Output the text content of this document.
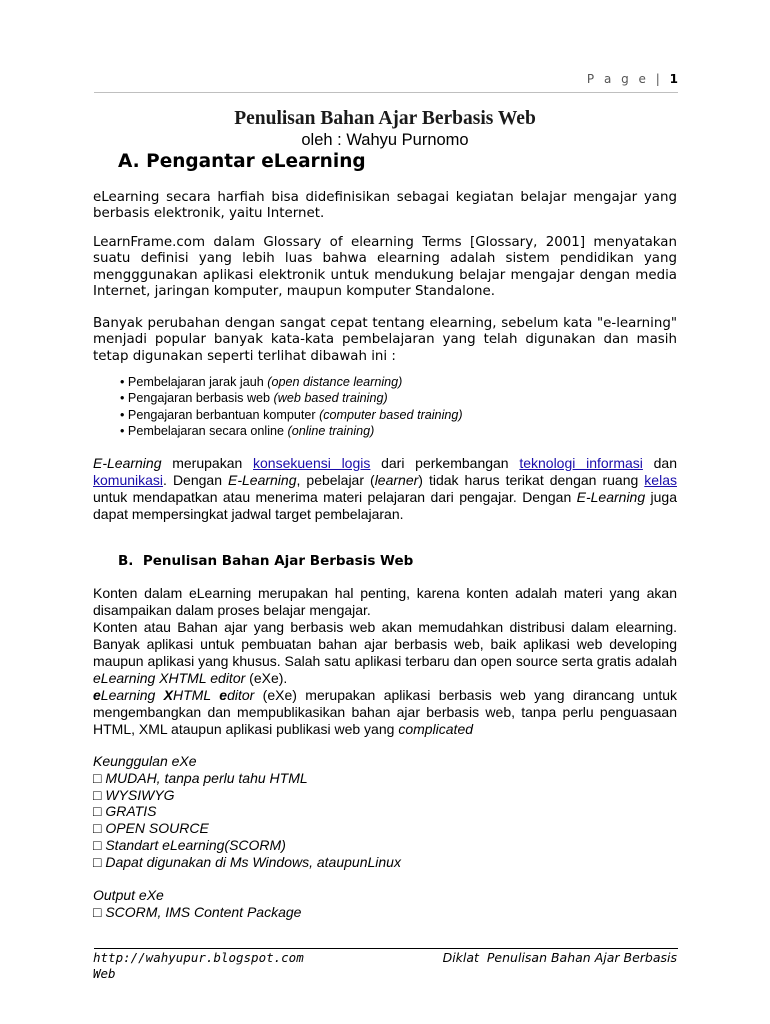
P a g e | 1
Penulisan Bahan Ajar Berbasis Web
oleh : Wahyu Purnomo
A. Pengantar eLearning

eLearning secara harfiah bisa didefinisikan sebagai kegiatan belajar mengajar yang berbasis elektronik, yaitu Internet.

LearnFrame.com dalam Glossary of elearning Terms [Glossary, 2001] menyatakan suatu definisi yang lebih luas bahwa elearning adalah sistem pendidikan yang mengggunakan aplikasi elektronik untuk mendukung belajar mengajar dengan media Internet, jaringan komputer, maupun komputer Standalone.

Banyak perubahan dengan sangat cepat tentang elearning, sebelum kata "e-learning" menjadi popular banyak kata-kata pembelajaran yang telah digunakan dan masih tetap digunakan seperti terlihat dibawah ini :

• Pembelajaran jarak jauh (open distance learning)
• Pengajaran berbasis web (web based training)
• Pengajaran berbantuan komputer (computer based training)
• Pembelajaran secara online (online training)

E-Learning merupakan konsekuensi logis dari perkembangan teknologi informasi dan komunikasi. Dengan E-Learning, pebelajar (learner) tidak harus terikat dengan ruang kelas untuk mendapatkan atau menerima materi pelajaran dari pengajar. Dengan E-Learning juga dapat mempersingkat jadwal target pembelajaran.

B.  Penulisan Bahan Ajar Berbasis Web

Konten dalam eLearning merupakan hal penting, karena konten adalah materi yang akan disampaikan dalam proses belajar mengajar.

Konten atau Bahan ajar yang berbasis web akan memudahkan distribusi dalam elearning. Banyak aplikasi untuk pembuatan bahan ajar berbasis web, baik aplikasi web developing maupun aplikasi yang khusus. Salah satu aplikasi terbaru dan open source serta gratis adalah eLearning XHTML editor (eXe).

eLearning XHTML editor (eXe) merupakan aplikasi berbasis web yang dirancang untuk mengembangkan dan mempublikasikan bahan ajar berbasis web, tanpa perlu penguasaan HTML, XML ataupun aplikasi publikasi web yang complicated

Keunggulan eXe
□ MUDAH, tanpa perlu tahu HTML
□ WYSIWYG
□ GRATIS
□ OPEN SOURCE
□ Standart eLearning(SCORM)
□ Dapat digunakan di Ms Windows, ataupunLinux
Output eXe
□ SCORM, IMS Content Package
http://wahyupur.blogspot.com
Web
Diklat  Penulisan Bahan Ajar Berbasis
